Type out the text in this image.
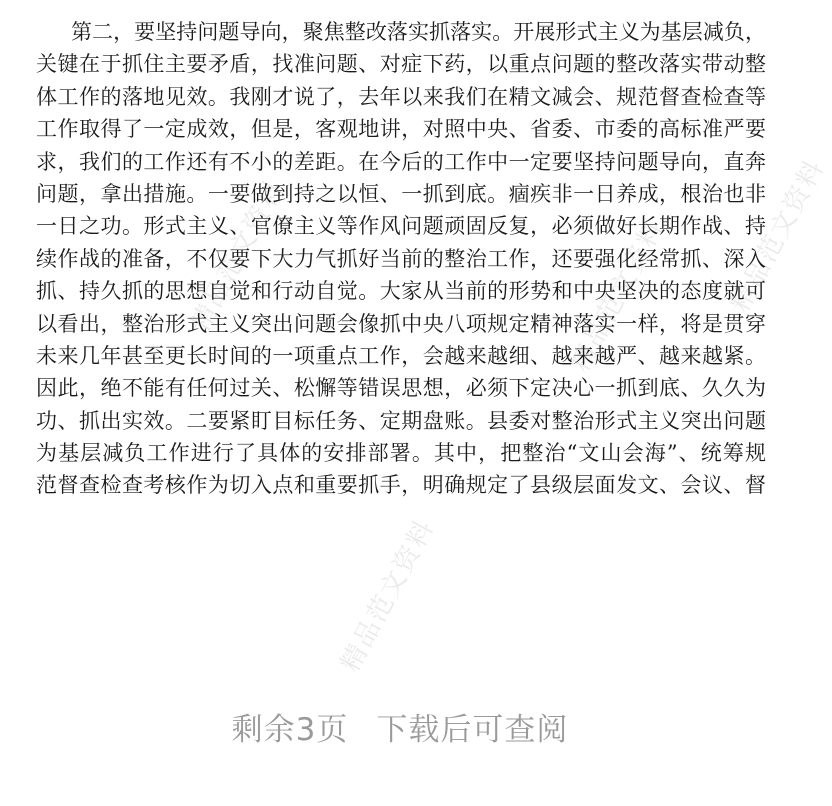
精品范文资料
精品范文资料
精品范文资料 精品范文资料
第二，要坚持问题导向，聚焦整改落实抓落实。开展形式主义为基层减负，
关键在于抓住主要矛盾，找准问题、对症下药，以重点问题的整改落实带动整
体工作的落地见效。我刚才说了，去年以来我们在精文减会、规范督查检查等
工作取得了一定成效，但是，客观地讲，对照中央、省委、市委的高标准严要
求，我们的工作还有不小的差距。在今后的工作中一定要坚持问题导向，直奔
问题，拿出措施。一要做到持之以恒、一抓到底。痼疾非一日养成，根治也非
一日之功。形式主义、官僚主义等作风问题顽固反复，必须做好长期作战、持
续作战的准备，不仅要下大力气抓好当前的整治工作，还要强化经常抓、深入
抓、持久抓的思想自觉和行动自觉。大家从当前的形势和中央坚决的态度就可
以看出，整治形式主义突出问题会像抓中央八项规定精神落实一样，将是贯穿
未来几年甚至更长时间的一项重点工作，会越来越细、越来越严、越来越紧。
因此，绝不能有任何过关、松懈等错误思想，必须下定决心一抓到底、久久为
功、抓出实效。二要紧盯目标任务、定期盘账。县委对整治形式主义突出问题
为基层减负工作进行了具体的安排部署。其中，把整治“文山会海”、统筹规
范督查检查考核作为切入点和重要抓手，明确规定了县级层面发文、会议、督
剩余3页 下载后可查阅
